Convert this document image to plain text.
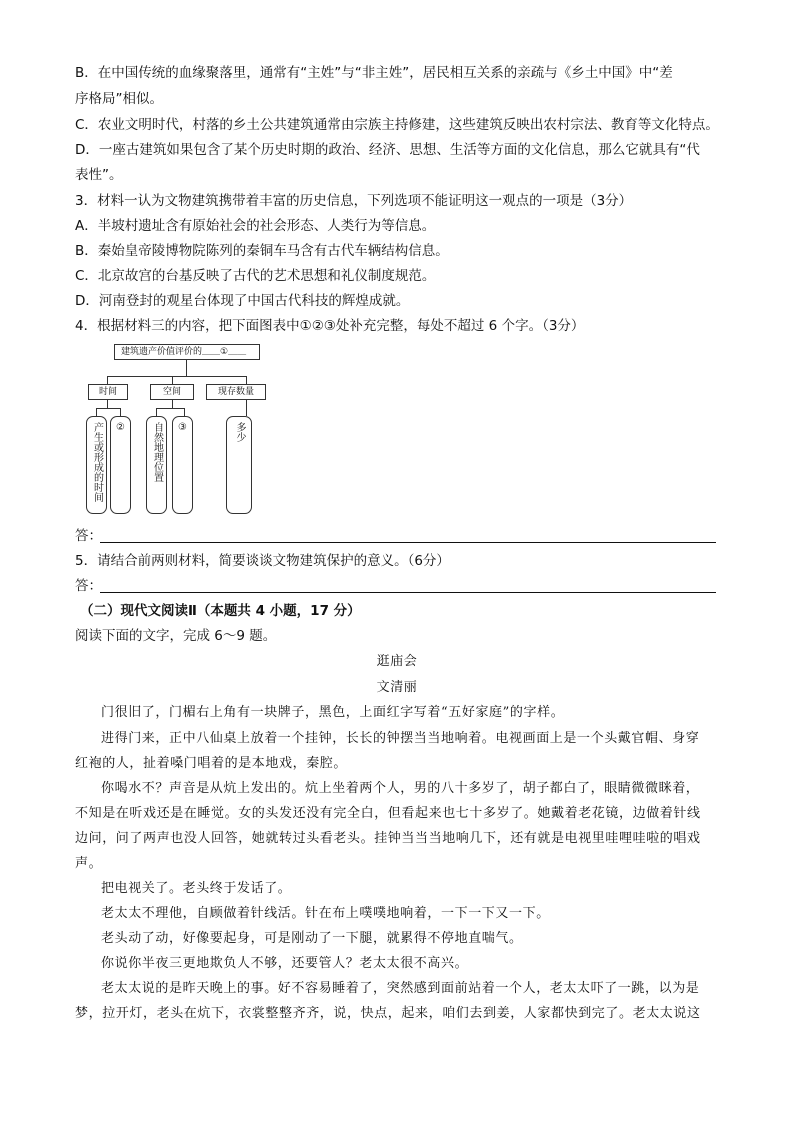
B．在中国传统的血缘聚落里，通常有“主姓”与“非主姓”，居民相互关系的亲疏与《乡土中国》中“差
序格局”相似。
C．农业文明时代，村落的乡土公共建筑通常由宗族主持修建，这些建筑反映出农村宗法、教育等文化特点。
D．一座古建筑如果包含了某个历史时期的政治、经济、思想、生活等方面的文化信息，那么它就具有“代
表性”。
3．材料一认为文物建筑携带着丰富的历史信息，下列选项不能证明这一观点的一项是（3分）
A．半坡村遗址含有原始社会的社会形态、人类行为等信息。
B．秦始皇帝陵博物院陈列的秦铜车马含有古代车辆结构信息。
C．北京故宫的台基反映了古代的艺术思想和礼仪制度规范。
D．河南登封的观星台体现了中国古代科技的辉煌成就。
4．根据材料三的内容，把下面图表中①②③处补充完整，每处不超过 6 个字。（3分）
建筑遗产价值评价的＿＿①＿＿
时间	空间	现存数量
产生或形成的时间	②	自然地理位置	③	多少
答：
5．请结合前两则材料，简要谈谈文物建筑保护的意义。（6分）
答：
（二）现代文阅读Ⅱ（本题共 4 小题，17 分）
阅读下面的文字，完成 6～9 题。
逛庙会
文清丽
门很旧了，门楣右上角有一块牌子，黑色，上面红字写着“五好家庭”的字样。
进得门来，正中八仙桌上放着一个挂钟，长长的钟摆当当地响着。电视画面上是一个头戴官帽、身穿
红袍的人，扯着嗓门唱着的是本地戏，秦腔。
你喝水不？声音是从炕上发出的。炕上坐着两个人，男的八十多岁了，胡子都白了，眼睛微微眯着，
不知是在听戏还是在睡觉。女的头发还没有完全白，但看起来也七十多岁了。她戴着老花镜，边做着针线
边问，问了两声也没人回答，她就转过头看老头。挂钟当当当地响几下，还有就是电视里哇哩哇啦的唱戏
声。
把电视关了。老头终于发话了。
老太太不理他，自顾做着针线活。针在布上噗噗地响着，一下一下又一下。
老头动了动，好像要起身，可是刚动了一下腿，就累得不停地直喘气。
你说你半夜三更地欺负人不够，还要管人？老太太很不高兴。
老太太说的是昨天晚上的事。好不容易睡着了，突然感到面前站着一个人，老太太吓了一跳，以为是
梦，拉开灯，老头在炕下，衣裳整整齐齐，说，快点，起来，咱们去到姜，人家都快到完了。老太太说这
